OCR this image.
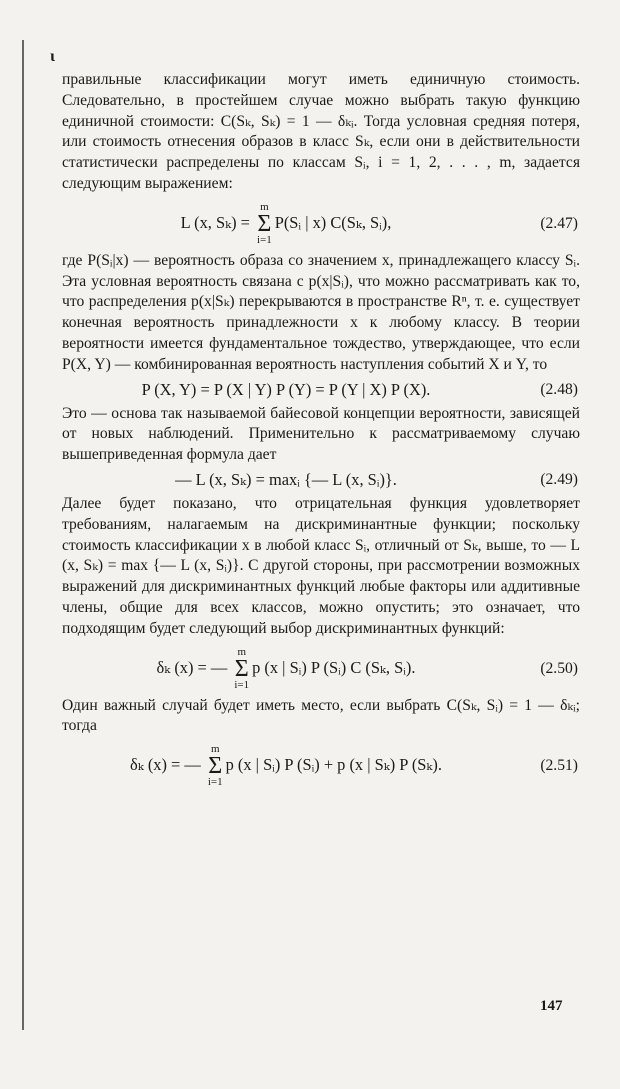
ι

правильные классификации могут иметь единичную стоимость. Следовательно, в простейшем случае можно выбрать такую функцию единичной стоимости: C(Sₖ, Sₖ) = 1 — δₖᵢ. Тогда условная средняя потеря, или стоимость отнесения образов в класс Sₖ, если они в действительности статистически распределены по классам Sᵢ, i = 1, 2, . . . , m, задается следующим выражением:

L (x, Sₖ) = m
Σ
i=1P(Sᵢ | x) C(Sₖ, Sᵢ),	(2.47)

где P(Sᵢ|x) — вероятность образа со значением x, принадлежащего классу Sᵢ. Эта условная вероятность связана с p(x|Sᵢ), что можно рассматривать как то, что распределения p(x|Sₖ) перекрываются в пространстве Rⁿ, т. е. существует конечная вероятность принадлежности x к любому классу. В теории вероятности имеется фундаментальное тождество, утверждающее, что если P(X, Y) — комбинированная вероятность наступления событий X и Y, то

P (X, Y) = P (X | Y) P (Y) = P (Y | X) P (X).	(2.48)

Это — основа так называемой байесовой концепции вероятности, зависящей от новых наблюдений. Применительно к рассматриваемому случаю вышеприведенная формула дает

— L (x, Sₖ) = maxᵢ {— L (x, Sᵢ)}.	(2.49)

Далее будет показано, что отрицательная функция удовлетворяет требованиям, налагаемым на дискриминантные функции; поскольку стоимость классификации x в любой класс Sᵢ, отличный от Sₖ, выше, то — L (x, Sₖ) = max {— L (x, Sᵢ)}. С другой стороны, при рассмотрении возможных выражений для дискриминантных функций любые факторы или аддитивные члены, общие для всех классов, можно опустить; это означает, что подходящим будет следующий выбор дискриминантных функций:

δₖ (x) = — m
Σ
i=1p (x | Sᵢ) P (Sᵢ) C (Sₖ, Sᵢ).	(2.50)

Один важный случай будет иметь место, если выбрать C(Sₖ, Sᵢ) = 1 — δₖᵢ; тогда

δₖ (x) = — m
Σ
i=1p (x | Sᵢ) P (Sᵢ) + p (x | Sₖ) P (Sₖ).	(2.51)
147
